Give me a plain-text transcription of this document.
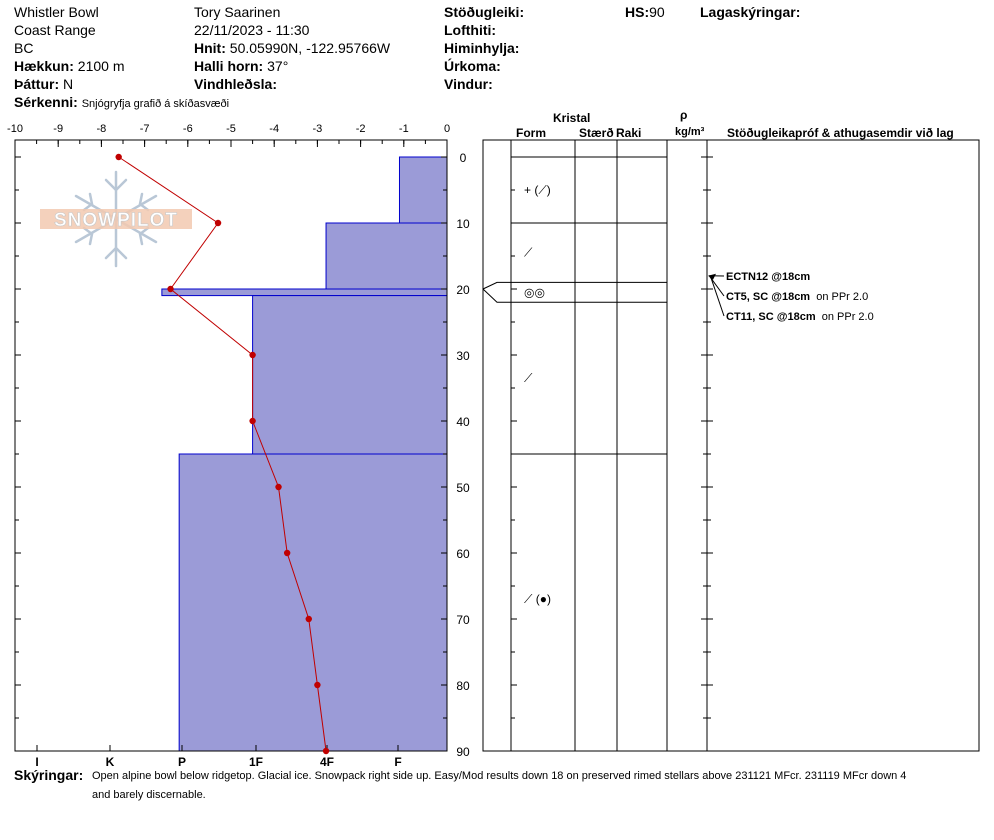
Whistler Bowl
Coast Range
BC
Hækkun: 2100 m
Þáttur: N
Sérkenni: Snjógryfja grafið á skíðasvæði
Tory Saarinen
22/11/2023 - 11:30
Hnit: 50.05990N, -122.95766W
Halli horn: 37°
Vindhleðsla:
Stöðugleiki:
Lofthiti:
Himinhylja:
Úrkoma:
Vindur:
HS:90	Lagaskýringar:
SNOWPILOT
-10	-9	-8	-7	-6	-5	-4	-3	-2	-1	0
0
10
20
30
40
50
60
70
80
90
I	K	P	1F	4F	F
+ (⟋)
⟋
◎◎
⟋
⟋ (●)
Kristal
Form	Stærð Raki
ρ
kg/m³ Stöðugleikapróf & athugasemdir við lag
ECTN12 @18cm
CT5, SC @18cm on PPr 2.0
CT11, SC @18cm on PPr 2.0
Skýringar: Open alpine bowl below ridgetop. Glacial ice. Snowpack right side up. Easy/Mod results down 18 on preserved rimed stellars above 231121 MFcr. 231119 MFcr down 4
and barely discernable.
